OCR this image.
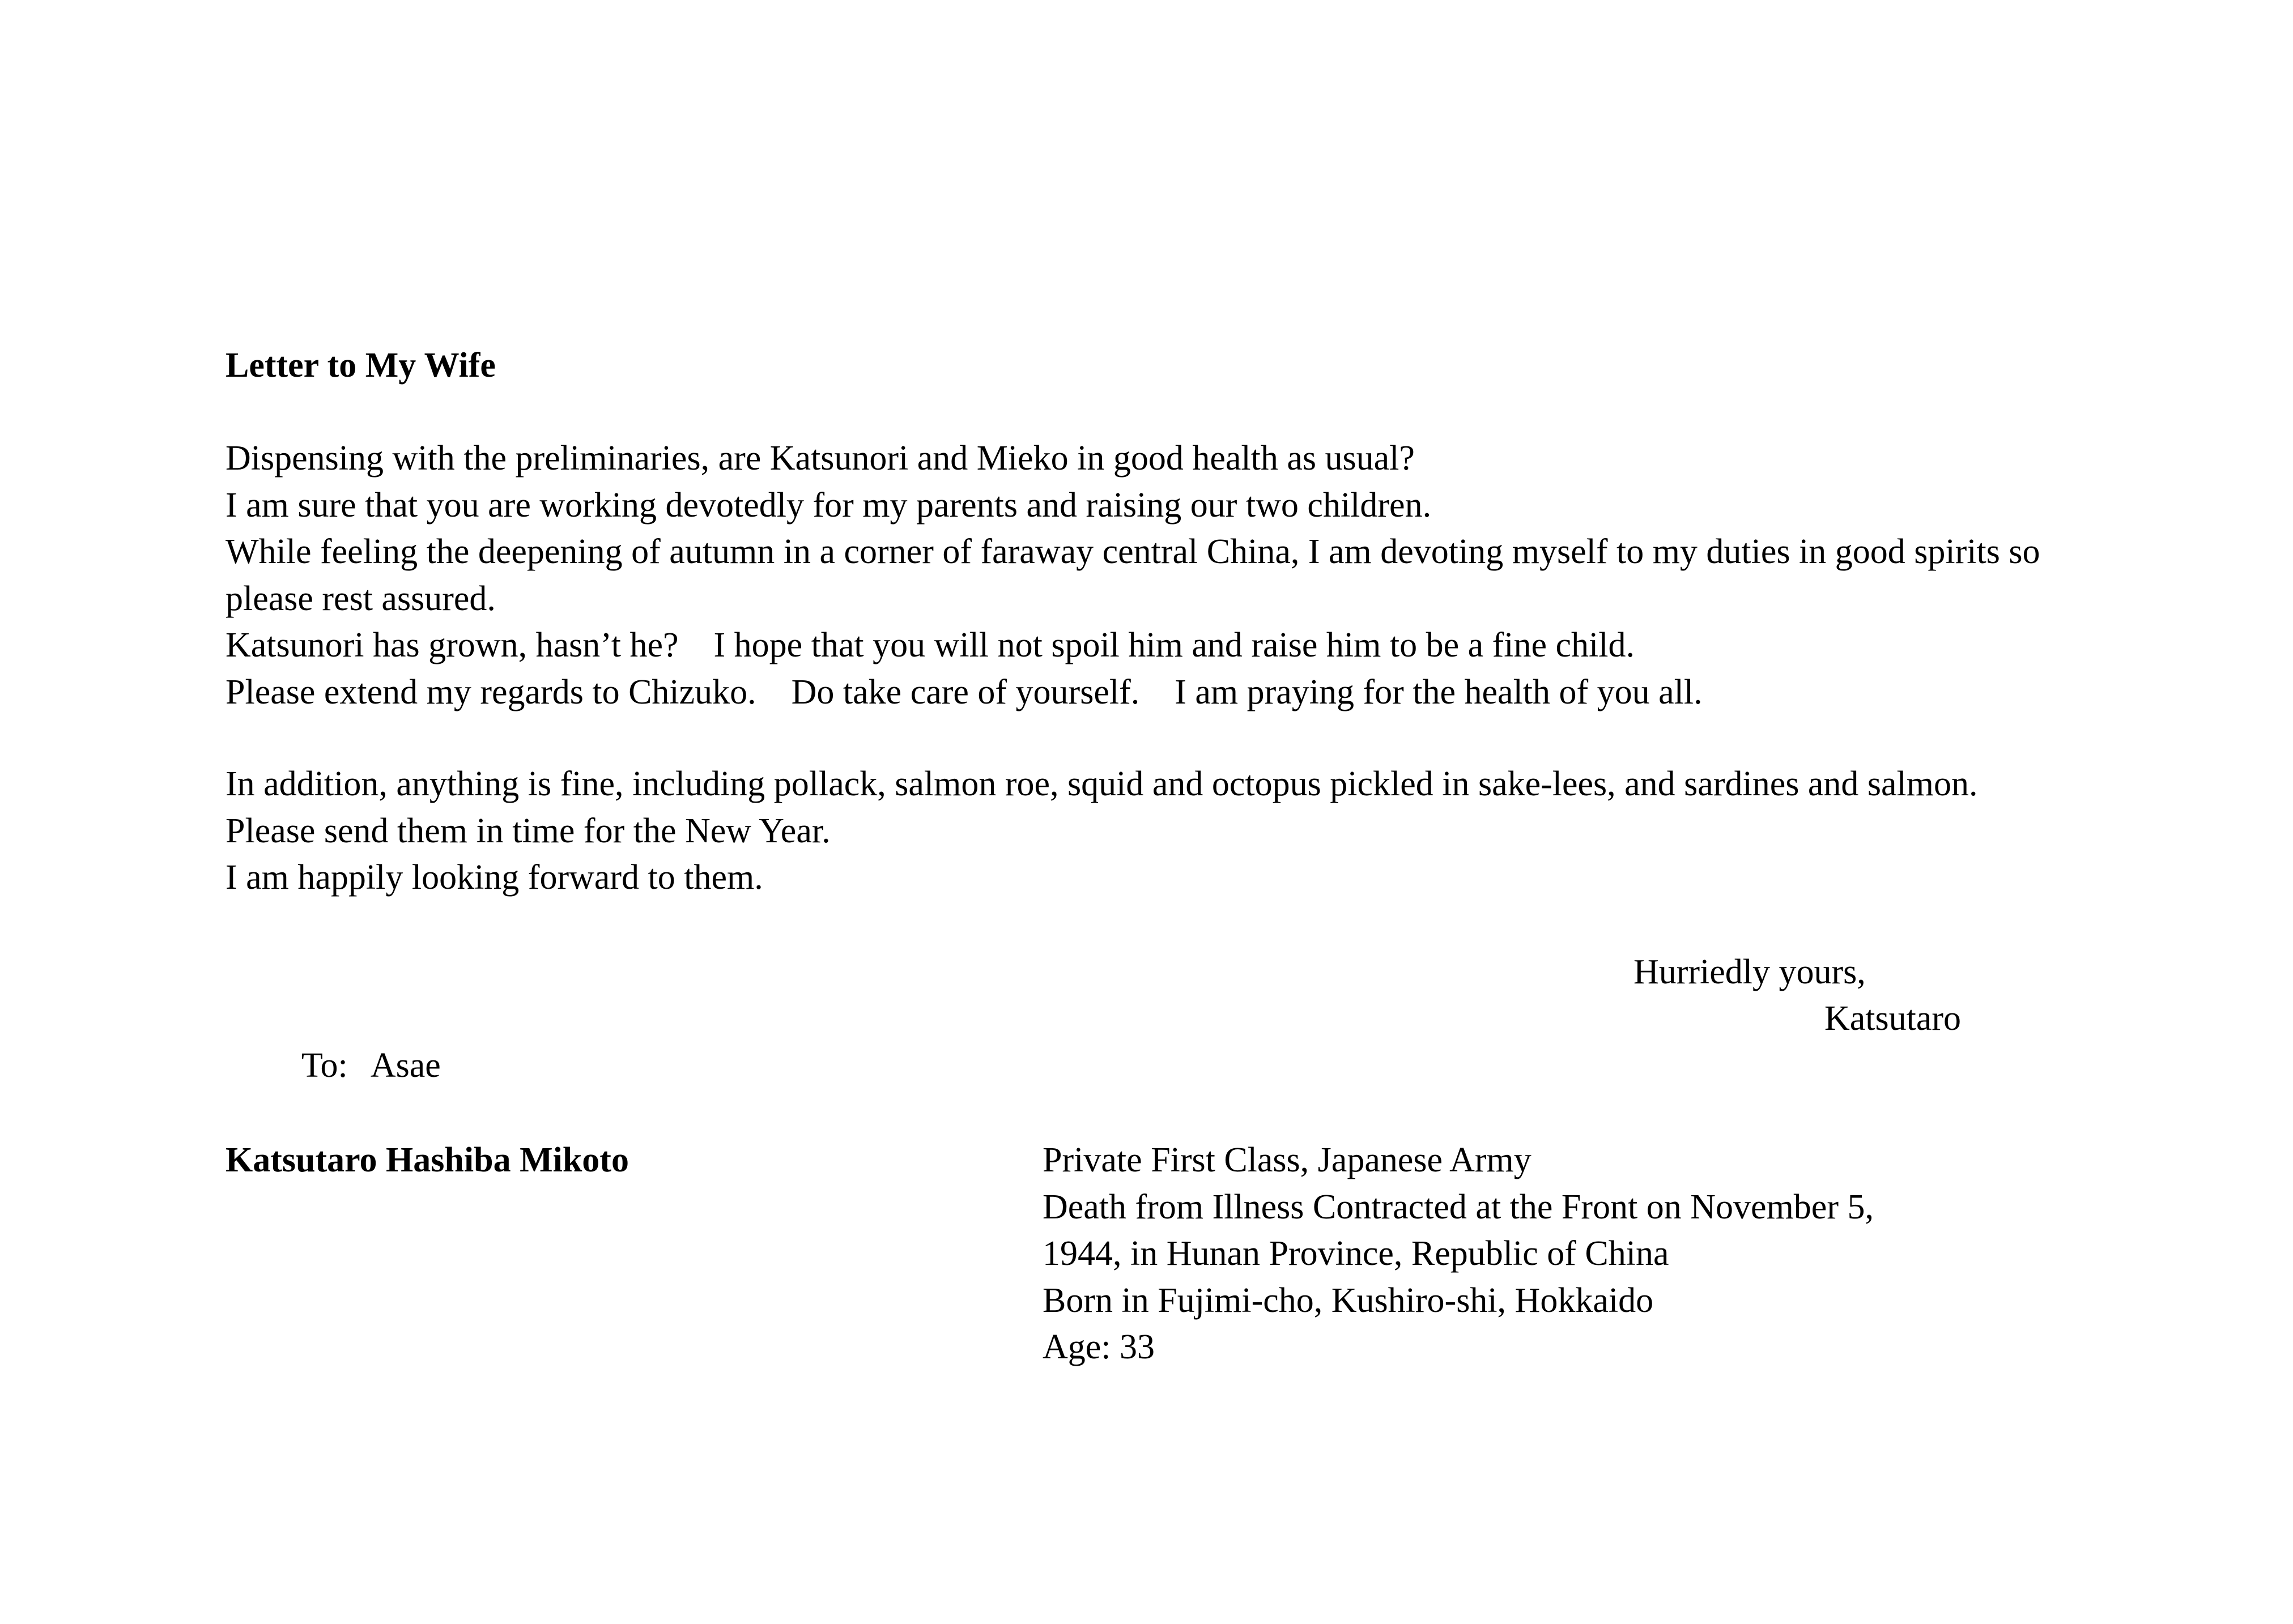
Letter to My Wife

Dispensing with the preliminaries, are Katsunori and Mieko in good health as usual?

I am sure that you are working devotedly for my parents and raising our two children.

While feeling the deepening of autumn in a corner of faraway central China, I am devoting myself to my duties in good spirits so please rest assured.

Katsunori has grown, hasn’t he?　I hope that you will not spoil him and raise him to be a fine child.

Please extend my regards to Chizuko.　Do take care of yourself.　I am praying for the health of you all.

In addition, anything is fine, including pollack, salmon roe, squid and octopus pickled in sake-lees, and sardines and salmon.

Please send them in time for the New Year.

I am happily looking forward to them.

Hurriedly yours,
Katsutaro
To: Asae
Katsutaro Hashiba Mikoto	Private First Class, Japanese Army

Death from Illness Contracted at the Front on November 5,

1944, in Hunan Province, Republic of China

Born in Fujimi-cho, Kushiro-shi, Hokkaido

Age: 33
